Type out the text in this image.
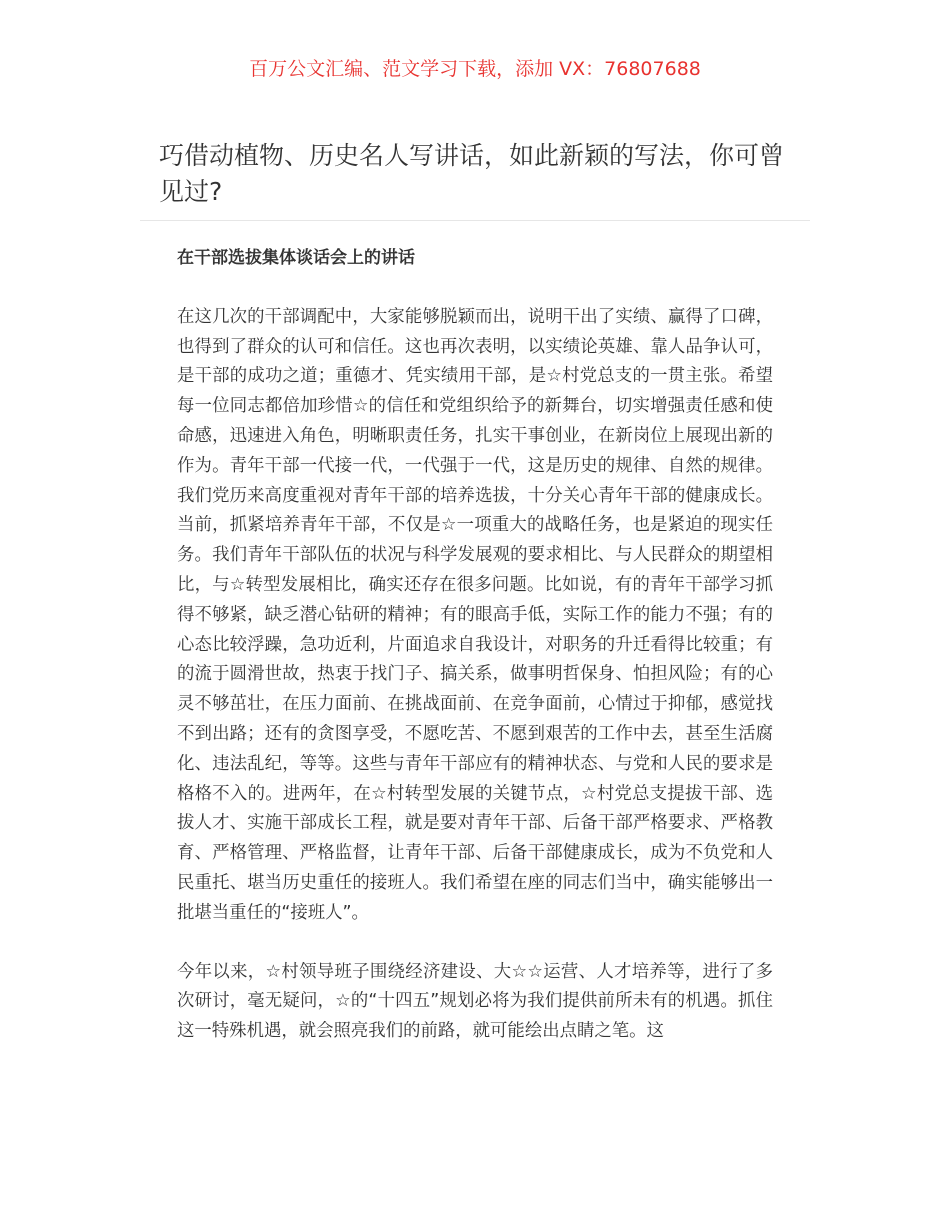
百万公文汇编、范文学习下载，添加 VX：76807688
巧借动植物、历史名人写讲话，如此新颖的写法，你可曾见过?

在干部选拔集体谈话会上的讲话

在这几次的干部调配中，大家能够脱颖而出，说明干出了实绩、赢得了口碑，也得到了群众的认可和信任。这也再次表明，以实绩论英雄、靠人品争认可，是干部的成功之道；重德才、凭实绩用干部，是☆村党总支的一贯主张。希望每一位同志都倍加珍惜☆的信任和党组织给予的新舞台，切实增强责任感和使命感，迅速进入角色，明晰职责任务，扎实干事创业，在新岗位上展现出新的作为。青年干部一代接一代，一代强于一代，这是历史的规律、自然的规律。我们党历来高度重视对青年干部的培养选拔，十分关心青年干部的健康成长。当前，抓紧培养青年干部，不仅是☆一项重大的战略任务，也是紧迫的现实任务。我们青年干部队伍的状况与科学发展观的要求相比、与人民群众的期望相比，与☆转型发展相比，确实还存在很多问题。比如说，有的青年干部学习抓得不够紧，缺乏潜心钻研的精神；有的眼高手低，实际工作的能力不强；有的心态比较浮躁，急功近利，片面追求自我设计，对职务的升迁看得比较重；有的流于圆滑世故，热衷于找门子、搞关系，做事明哲保身、怕担风险；有的心灵不够茁壮，在压力面前、在挑战面前、在竞争面前，心情过于抑郁，感觉找不到出路；还有的贪图享受，不愿吃苦、不愿到艰苦的工作中去，甚至生活腐化、违法乱纪，等等。这些与青年干部应有的精神状态、与党和人民的要求是格格不入的。进两年，在☆村转型发展的关键节点，☆村党总支提拔干部、选拔人才、实施干部成长工程，就是要对青年干部、后备干部严格要求、严格教育、严格管理、严格监督，让青年干部、后备干部健康成长，成为不负党和人民重托、堪当历史重任的接班人。我们希望在座的同志们当中，确实能够出一批堪当重任的“接班人”。

今年以来，☆村领导班子围绕经济建设、大☆☆运营、人才培养等，进行了多次研讨，毫无疑问，☆的“十四五”规划必将为我们提供前所未有的机遇。抓住这一特殊机遇，就会照亮我们的前路，就可能绘出点睛之笔。这
